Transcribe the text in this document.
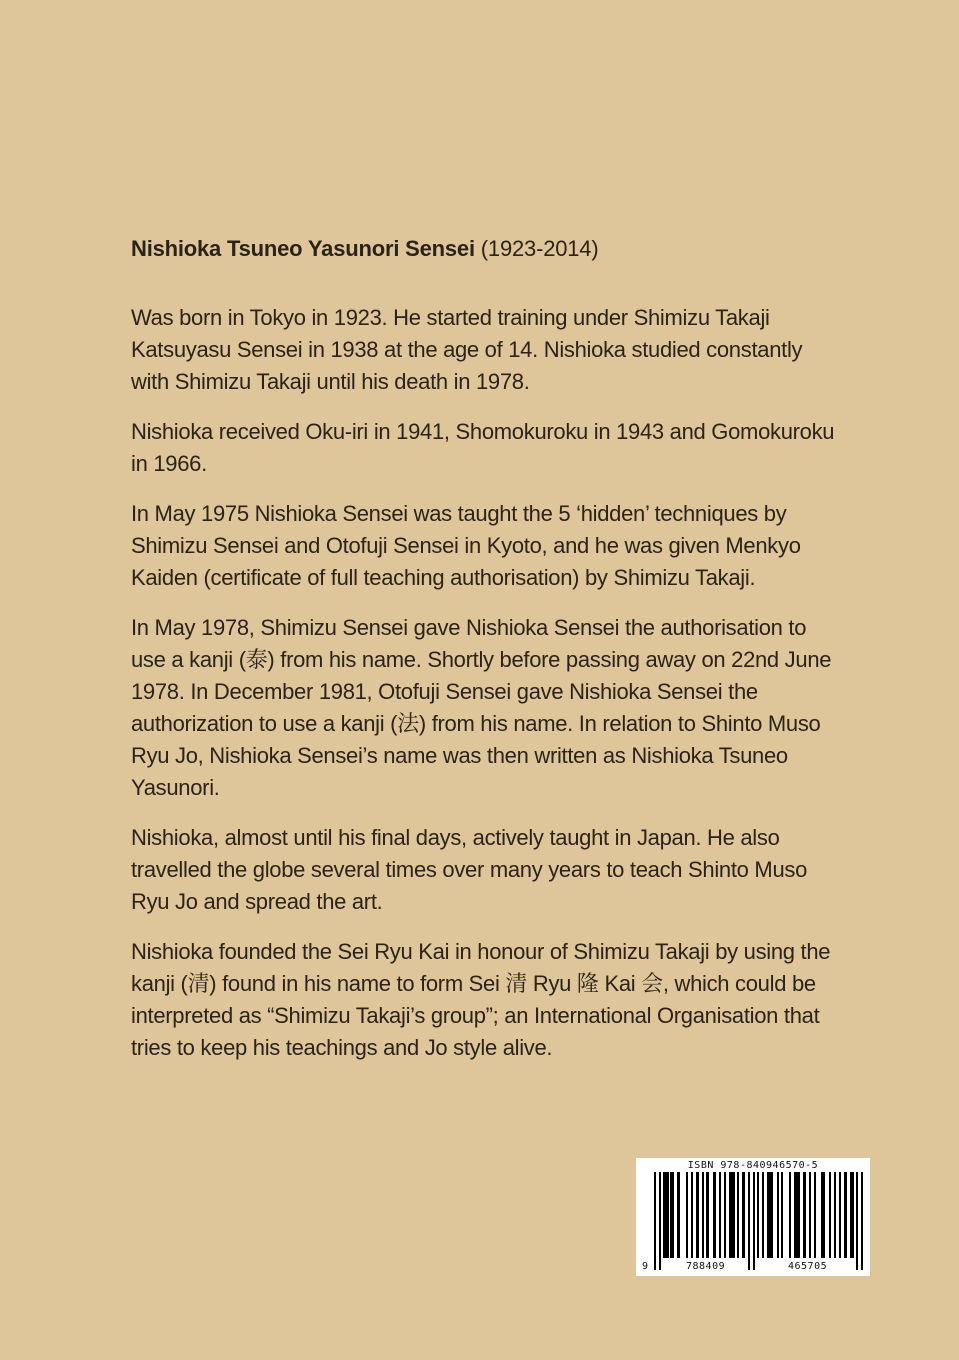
Nishioka Tsuneo Yasunori Sensei (1923-2014)

Was born in Tokyo in 1923. He started training under Shimizu Takaji Katsuyasu Sensei in 1938 at the age of 14. Nishioka studied constantly with Shimizu Takaji until his death in 1978.

Nishioka received Oku-iri in 1941, Shomokuroku in 1943 and Gomokuroku in 1966.

In May 1975 Nishioka Sensei was taught the 5 ‘hidden’ techniques by Shimizu Sensei and Otofuji Sensei in Kyoto, and he was given Menkyo Kaiden (certificate of full teaching authorisation) by Shimizu Takaji.

In May 1978, Shimizu Sensei gave Nishioka Sensei the authorisation to use a kanji (泰) from his name. Shortly before passing away on 22nd June 1978. In December 1981, Otofuji Sensei gave Nishioka Sensei the authorization to use a kanji (法) from his name. In relation to Shinto Muso Ryu Jo, Nishioka Sensei’s name was then written as Nishioka Tsuneo Yasunori.

Nishioka, almost until his final days, actively taught in Japan. He also travelled the globe several times over many years to teach Shinto Muso Ryu Jo and spread the art.

Nishioka founded the Sei Ryu Kai in honour of Shimizu Takaji by using the kanji (清) found in his name to form Sei 清 Ryu 隆 Kai 会, which could be interpreted as “Shimizu Takaji’s group”; an International Organisation that tries to keep his teachings and Jo style alive.

ISBN 978-840946570-5
9	788409	465705
